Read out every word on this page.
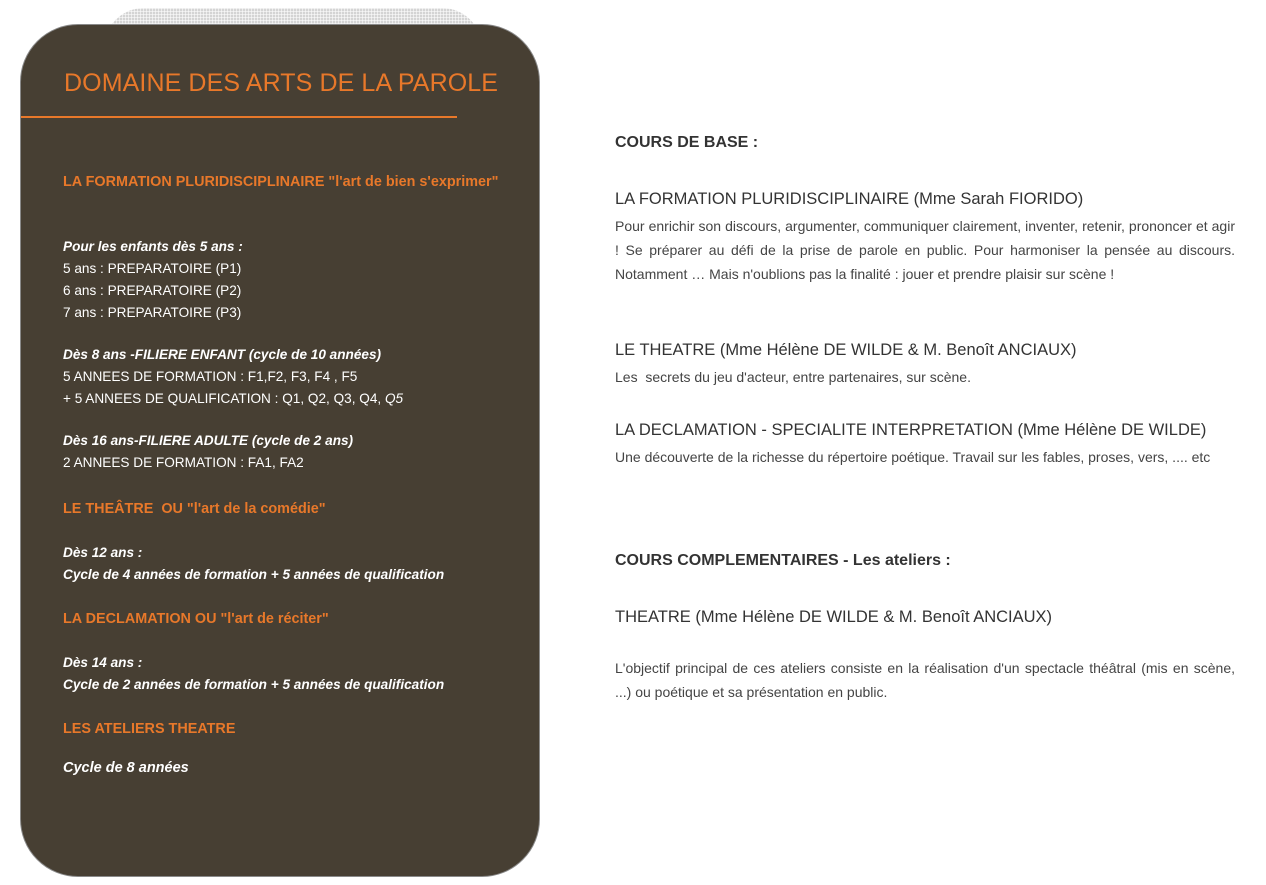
DOMAINE DES ARTS DE LA PAROLE
LA FORMATION PLURIDISCIPLINAIRE "l'art de bien s'exprimer"
Pour les enfants dès 5 ans :
5 ans : PREPARATOIRE (P1)
6 ans : PREPARATOIRE (P2)
7 ans : PREPARATOIRE (P3)
Dès 8 ans -FILIERE ENFANT (cycle de 10 années)
5 ANNEES DE FORMATION : F1,F2, F3, F4 , F5
+ 5 ANNEES DE QUALIFICATION : Q1, Q2, Q3, Q4, Q5
Dès 16 ans-FILIERE ADULTE (cycle de 2 ans)
2 ANNEES DE FORMATION : FA1, FA2
LE THEÂTRE  OU "l'art de la comédie"
Dès 12 ans :
Cycle de 4 années de formation + 5 années de qualification
LA DECLAMATION OU "l'art de réciter"
Dès 14 ans :
Cycle de 2 années de formation + 5 années de qualification
LES ATELIERS THEATRE
Cycle de 8 années
COURS DE BASE :
LA FORMATION PLURIDISCIPLINAIRE (Mme Sarah FIORIDO)
Pour enrichir son discours, argumenter, communiquer clairement, inventer, retenir, prononcer et agir ! Se préparer au défi de la prise de parole en public. Pour harmoniser la pensée au discours. Notamment … Mais n'oublions pas la finalité : jouer et prendre plaisir sur scène !
LE THEATRE (Mme Hélène DE WILDE & M. Benoît ANCIAUX)
Les  secrets du jeu d'acteur, entre partenaires, sur scène.
LA DECLAMATION - SPECIALITE INTERPRETATION (Mme Hélène DE WILDE)
Une découverte de la richesse du répertoire poétique. Travail sur les fables, proses, vers, .... etc
COURS COMPLEMENTAIRES - Les ateliers :
THEATRE (Mme Hélène DE WILDE & M. Benoît ANCIAUX)
L'objectif principal de ces ateliers consiste en la réalisation d'un spectacle théâtral (mis en scène, ...) ou poétique et sa présentation en public.
